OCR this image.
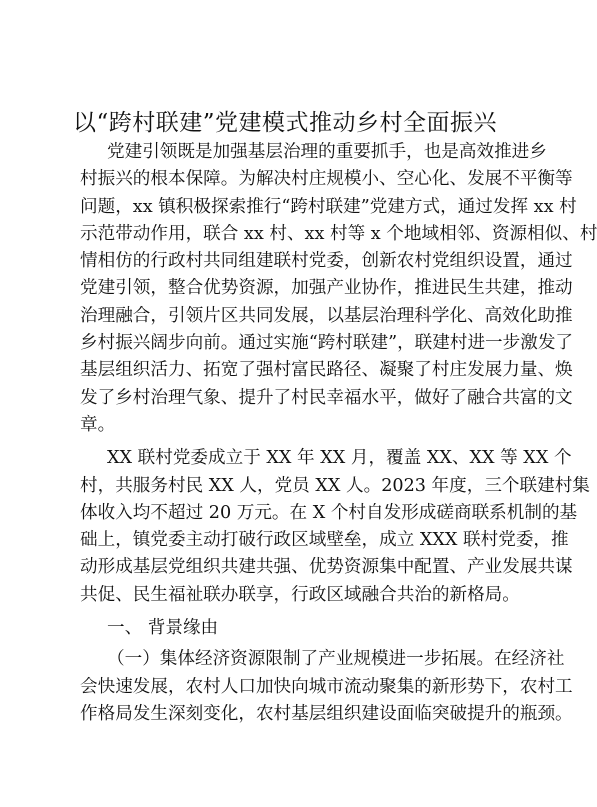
以“跨村联建”党建模式推动乡村全面振兴
党建引领既是加强基层治理的重要抓手，也是高效推进乡
村振兴的根本保障。为解决村庄规模小、空心化、发展不平衡等
问题，xx 镇积极探索推行“跨村联建”党建方式，通过发挥 xx 村
示范带动作用，联合 xx 村、xx 村等 x 个地域相邻、资源相似、村
情相仿的行政村共同组建联村党委，创新农村党组织设置，通过
党建引领，整合优势资源，加强产业协作，推进民生共建，推动
治理融合，引领片区共同发展，以基层治理科学化、高效化助推
乡村振兴阔步向前。通过实施“跨村联建”，联建村进一步激发了
基层组织活力、拓宽了强村富民路径、凝聚了村庄发展力量、焕
发了乡村治理气象、提升了村民幸福水平，做好了融合共富的文
章。
XX 联村党委成立于 XX 年 XX 月，覆盖 XX、XX 等 XX 个
村，共服务村民 XX 人，党员 XX 人。2023 年度，三个联建村集
体收入均不超过 20 万元。在 X 个村自发形成磋商联系机制的基
础上，镇党委主动打破行政区域壁垒，成立 XXX 联村党委，推
动形成基层党组织共建共强、优势资源集中配置、产业发展共谋
共促、民生福祉联办联享，行政区域融合共治的新格局。
一、 背景缘由
（一）集体经济资源限制了产业规模进一步拓展。在经济社
会快速发展，农村人口加快向城市流动聚集的新形势下，农村工
作格局发生深刻变化，农村基层组织建设面临突破提升的瓶颈。
